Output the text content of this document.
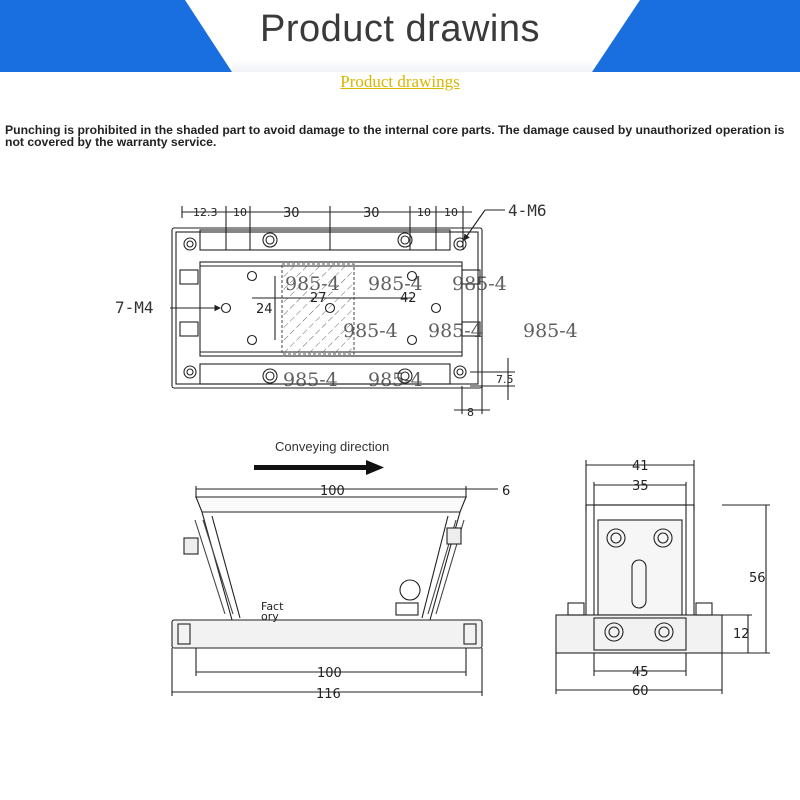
Product drawins
Product drawings
Punching is prohibited in the shaded part to avoid damage to the internal core parts. The damage caused by unauthorized operation is not covered by the warranty service.
12.3 10	30	30	10 10	4-M6
7-M4	24
27	42
7.5
8
985-4 985-4 985-4
985-4 985-4 985-4
985-4 985-4
Conveying direction
100	6
100
116
Fact
ory
41
35
56
12
45
60
